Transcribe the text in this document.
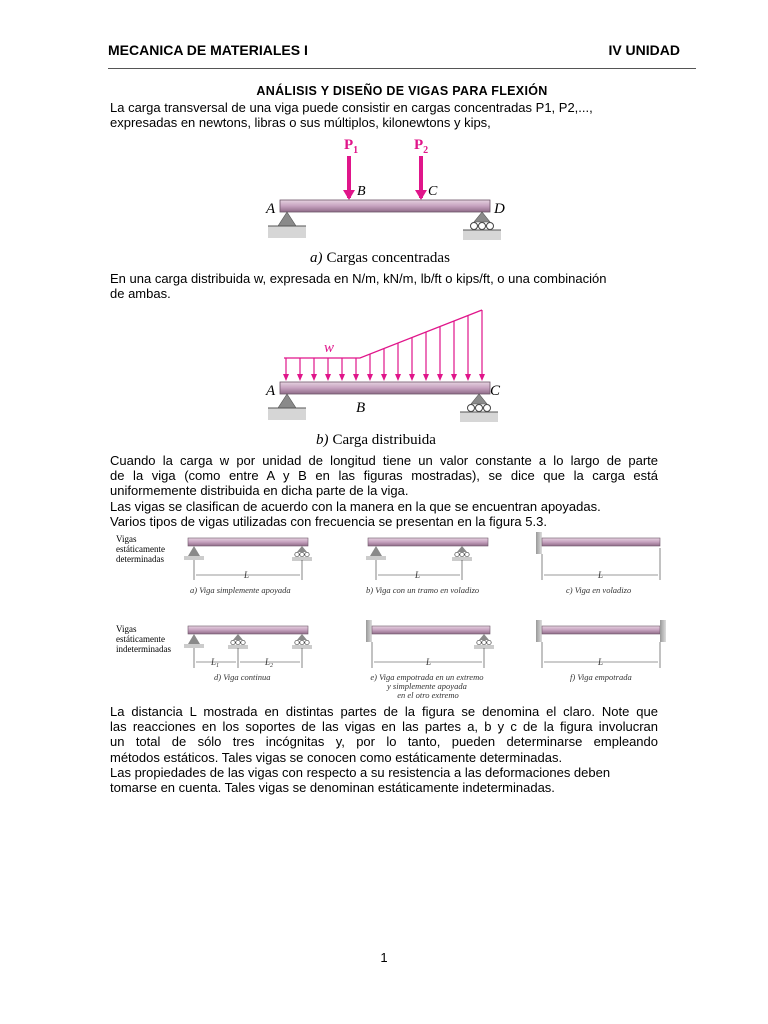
MECANICA DE MATERIALES I	IV UNIDAD
ANÁLISIS Y DISEÑO DE VIGAS PARA FLEXIÓN
La carga transversal de una viga puede consistir en cargas concentradas P1, P2,...,
expresadas en newtons, libras o sus múltiplos, kilonewtons y kips,
$P_1$	$P_2$
B	C
A	D
a) Cargas concentradas
En una carga distribuida w, expresada en N/m, kN/m, lb/ft o kips/ft, o una combinación
de ambas.
w
A	C
B
b) Carga distribuida
Cuando la carga w por unidad de longitud tiene un valor constante a lo largo de parte
de la viga (como entre A y B en las figuras mostradas), se dice que la carga está
uniformemente distribuida en dicha parte de la viga.
Las vigas se clasifican de acuerdo con la manera en la que se encuentran apoyadas.
Varios tipos de vigas utilizadas con frecuencia se presentan en la figura 5.3.
Vigas estáticamente determinadas
Vigas estáticamente indeterminadas
L
a) Viga simplemente apoyada
L
b) Viga con un tramo en voladizo
L
c) Viga en voladizo
$L_1$	$L_2$
d) Viga continua
L
e) Viga empotrada en un extremo y simplemente apoyada en el otro extremo
L
f) Viga empotrada
La distancia L mostrada en distintas partes de la figura se denomina el claro. Note que
las reacciones en los soportes de las vigas en las partes a, b y c de la figura involucran
un total de sólo tres incógnitas y, por lo tanto, pueden determinarse empleando
métodos estáticos. Tales vigas se conocen como estáticamente determinadas.
Las propiedades de las vigas con respecto a su resistencia a las deformaciones deben
tomarse en cuenta. Tales vigas se denominan estáticamente indeterminadas.
1
